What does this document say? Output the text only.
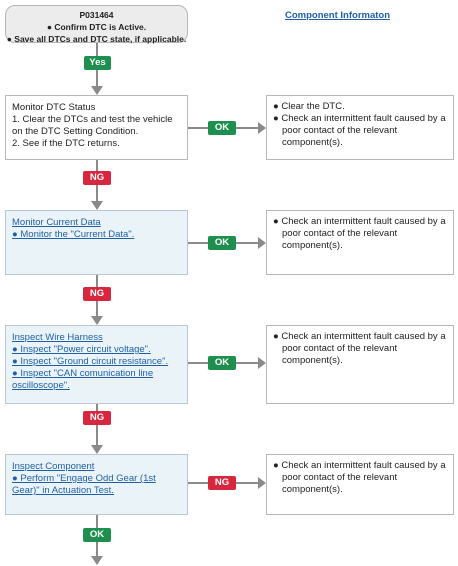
P031464
● Confirm DTC is Active.
● Save all DTCs and DTC state, if applicable.
Component Informaton
Yes
Monitor DTC Status
1. Clear the DTCs and test the vehicle on the DTC Setting Condition.
2. See if the DTC returns.
OK
● Clear the DTC.
● Check an intermittent fault caused by a poor contact of the relevant component(s).
NG
Monitor Current Data
● Monitor the "Current Data".
OK
● Check an intermittent fault caused by a poor contact of the relevant component(s).
NG
Inspect Wire Harness
● Inspect "Power circuit voltage".
● Inspect "Ground circuit resistance".
● Inspect "CAN comunication line oscilloscope".
OK
● Check an intermittent fault caused by a poor contact of the relevant component(s).
NG
Inspect Component
● Perform "Engage Odd Gear (1st Gear)" in Actuation Test.
NG
● Check an intermittent fault caused by a poor contact of the relevant component(s).
OK
